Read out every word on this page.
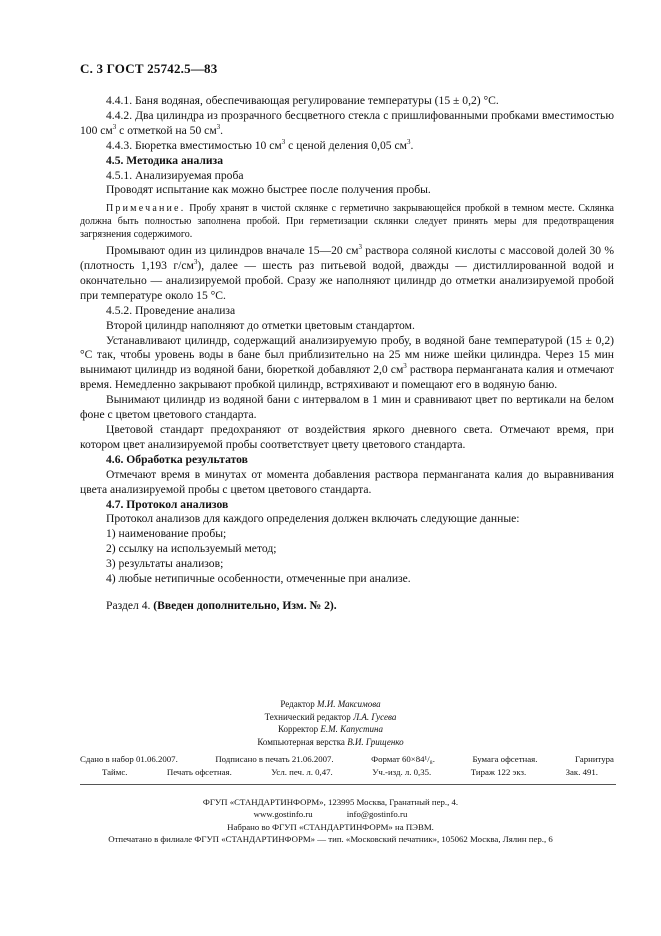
С. 3 ГОСТ 25742.5—83

4.4.1. Баня водяная, обеспечивающая регулирование температуры (15 ± 0,2) °С.

4.4.2. Два цилиндра из прозрачного бесцветного стекла с пришлифованными пробками вместимостью 100 $см^3$ с отметкой на 50 $см^3$.

4.4.3. Бюретка вместимостью 10 $см^3$ с ценой деления 0,05 $см^3$.

4.5. Методика анализа

4.5.1. Анализируемая проба

Проводят испытание как можно быстрее после получения пробы.

Примечание. Пробу хранят в чистой склянке с герметично закрывающейся пробкой в темном месте. Склянка должна быть полностью заполнена пробой. При герметизации склянки следует принять меры для предотвращения загрязнения содержимого.

Промывают один из цилиндров вначале 15—20 $см^3$ раствора соляной кислоты с массовой долей 30 % (плотность 1,193 $г/см^3$), далее — шесть раз питьевой водой, дважды — дистиллированной водой и окончательно — анализируемой пробой. Сразу же наполняют цилиндр до отметки анализируемой пробой при температуре около 15 °С.

4.5.2. Проведение анализа

Второй цилиндр наполняют до отметки цветовым стандартом.

Устанавливают цилиндр, содержащий анализируемую пробу, в водяной бане температурой (15 ± 0,2) °С так, чтобы уровень воды в бане был приблизительно на 25 мм ниже шейки цилиндра. Через 15 мин вынимают цилиндр из водяной бани, бюреткой добавляют 2,0 $см^3$ раствора перманганата калия и отмечают время. Немедленно закрывают пробкой цилиндр, встряхивают и помещают его в водяную баню.

Вынимают цилиндр из водяной бани с интервалом в 1 мин и сравнивают цвет по вертикали на белом фоне с цветом цветового стандарта.

Цветовой стандарт предохраняют от воздействия яркого дневного света. Отмечают время, при котором цвет анализируемой пробы соответствует цвету цветового стандарта.

4.6. Обработка результатов

Отмечают время в минутах от момента добавления раствора перманганата калия до выравнивания цвета анализируемой пробы с цветом цветового стандарта.

4.7. Протокол анализов

Протокол анализов для каждого определения должен включать следующие данные:

1) наименование пробы;

2) ссылку на используемый метод;

3) результаты анализов;

4) любые нетипичные особенности, отмеченные при анализе.

Раздел 4. (Введен дополнительно, Изм. № 2).

Редактор М.И. Максимова
Технический редактор Л.А. Гусева
Корректор Е.М. Капустина
Компьютерная верстка В.И. Грищенко
Сдано в набор 01.06.2007.	Подписано в печать 21.06.2007.	Формат 60×84¹/₈.	Бумага офсетная.	Гарнитура
Таймс.	Печать офсетная.	Усл. печ. л. 0,47.	Уч.-изд. л. 0,35.	Тираж 122 экз.	Зак. 491.
ФГУП «СТАНДАРТИНФОРМ», 123995 Москва, Гранатный пер., 4.
www.gostinfo.ru	info@gostinfo.ru
Набрано во ФГУП «СТАНДАРТИНФОРМ» на ПЭВМ.
Отпечатано в филиале ФГУП «СТАНДАРТИНФОРМ» — тип. «Московский печатник», 105062 Москва, Лялин пер., 6
